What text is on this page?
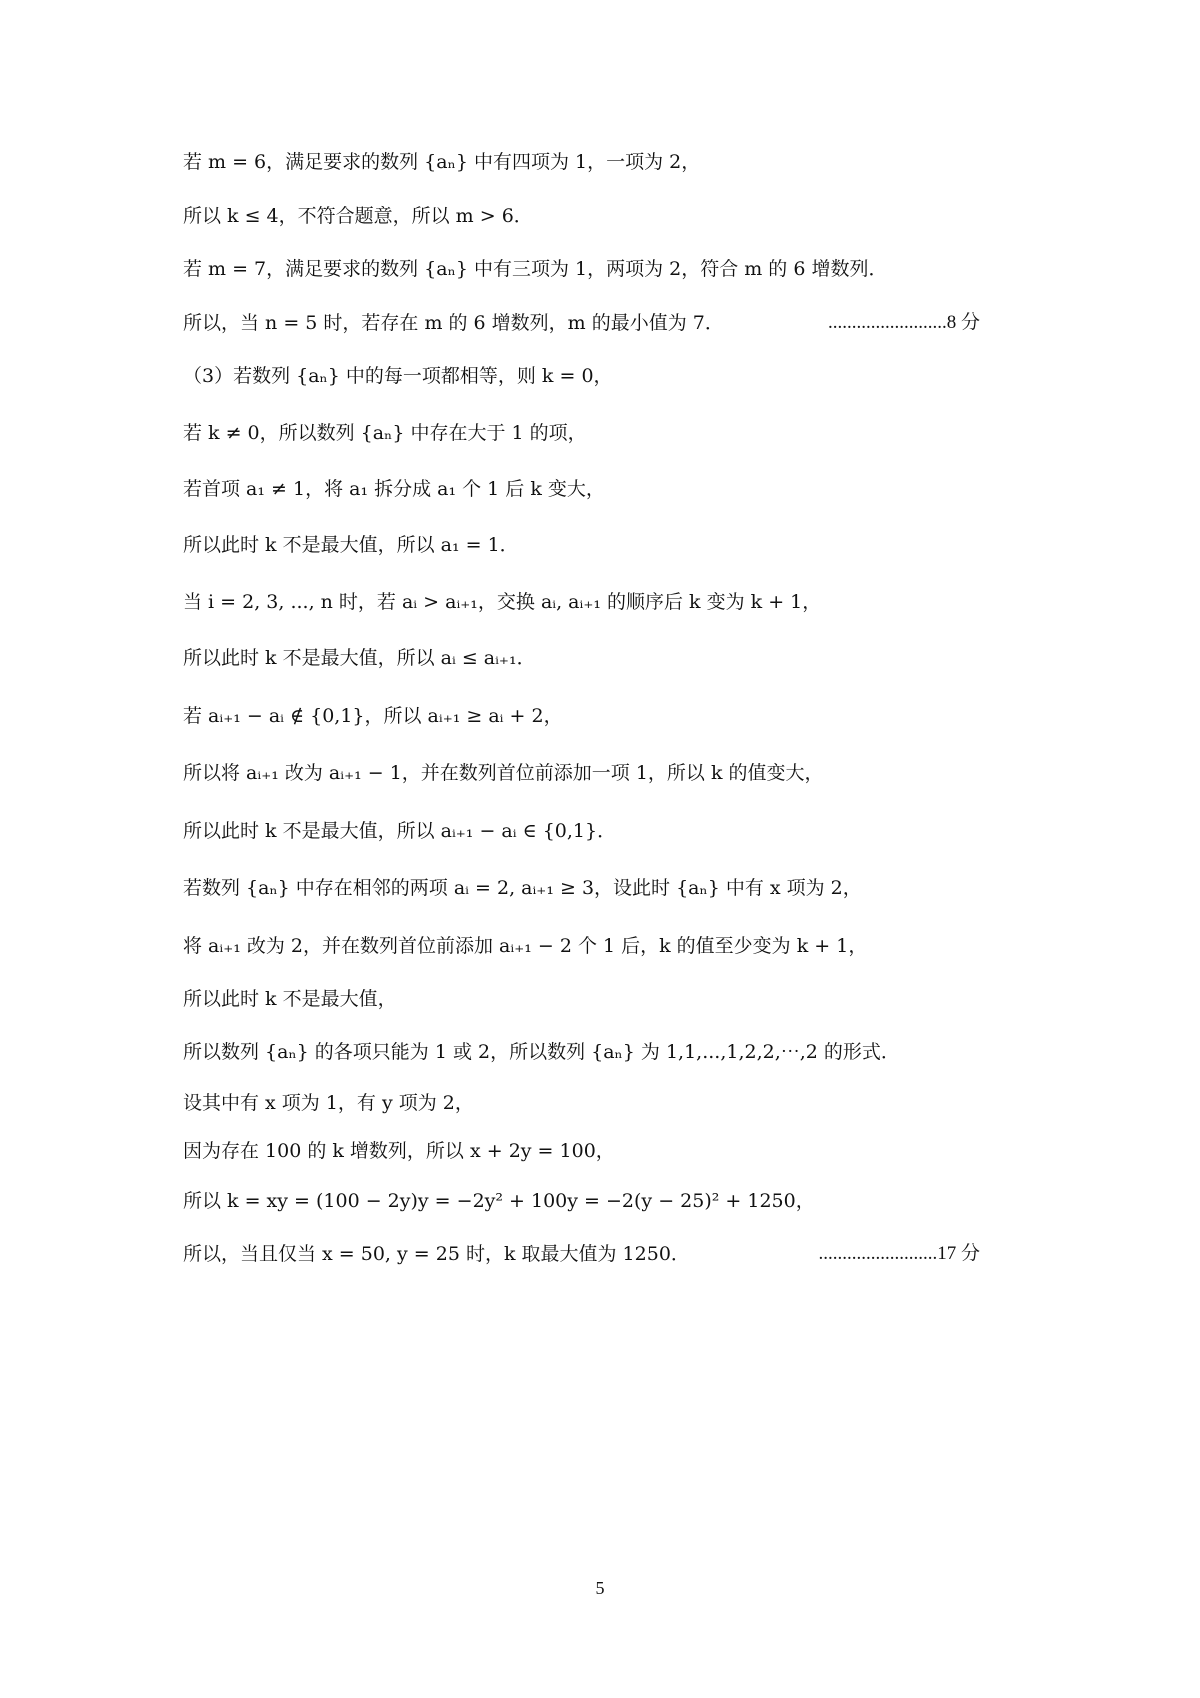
若 m = 6，满足要求的数列 {aₙ} 中有四项为 1，一项为 2，
所以 k ≤ 4，不符合题意，所以 m > 6．
若 m = 7，满足要求的数列 {aₙ} 中有三项为 1，两项为 2，符合 m 的 6 增数列．
所以，当 n = 5 时，若存在 m 的 6 增数列，m 的最小值为 7．	.........................8 分
（3）若数列 {aₙ} 中的每一项都相等，则 k = 0，
若 k ≠ 0，所以数列 {aₙ} 中存在大于 1 的项，
若首项 a₁ ≠ 1，将 a₁ 拆分成 a₁ 个 1 后 k 变大，
所以此时 k 不是最大值，所以 a₁ = 1．
当 i = 2, 3, ..., n 时，若 aᵢ > aᵢ₊₁，交换 aᵢ, aᵢ₊₁ 的顺序后 k 变为 k + 1，
所以此时 k 不是最大值，所以 aᵢ ≤ aᵢ₊₁．
若 aᵢ₊₁ − aᵢ ∉ {0,1}，所以 aᵢ₊₁ ≥ aᵢ + 2，
所以将 aᵢ₊₁ 改为 aᵢ₊₁ − 1，并在数列首位前添加一项 1，所以 k 的值变大，
所以此时 k 不是最大值，所以 aᵢ₊₁ − aᵢ ∈ {0,1}．
若数列 {aₙ} 中存在相邻的两项 aᵢ = 2, aᵢ₊₁ ≥ 3，设此时 {aₙ} 中有 x 项为 2，
将 aᵢ₊₁ 改为 2，并在数列首位前添加 aᵢ₊₁ − 2 个 1 后，k 的值至少变为 k + 1，
所以此时 k 不是最大值，
所以数列 {aₙ} 的各项只能为 1 或 2，所以数列 {aₙ} 为 1,1,...,1,2,2,⋯,2 的形式．
设其中有 x 项为 1，有 y 项为 2，
因为存在 100 的 k 增数列，所以 x + 2y = 100，
所以 k = xy = (100 − 2y)y = −2y² + 100y = −2(y − 25)² + 1250，
所以，当且仅当 x = 50, y = 25 时，k 取最大值为 1250．	.........................17 分
5
